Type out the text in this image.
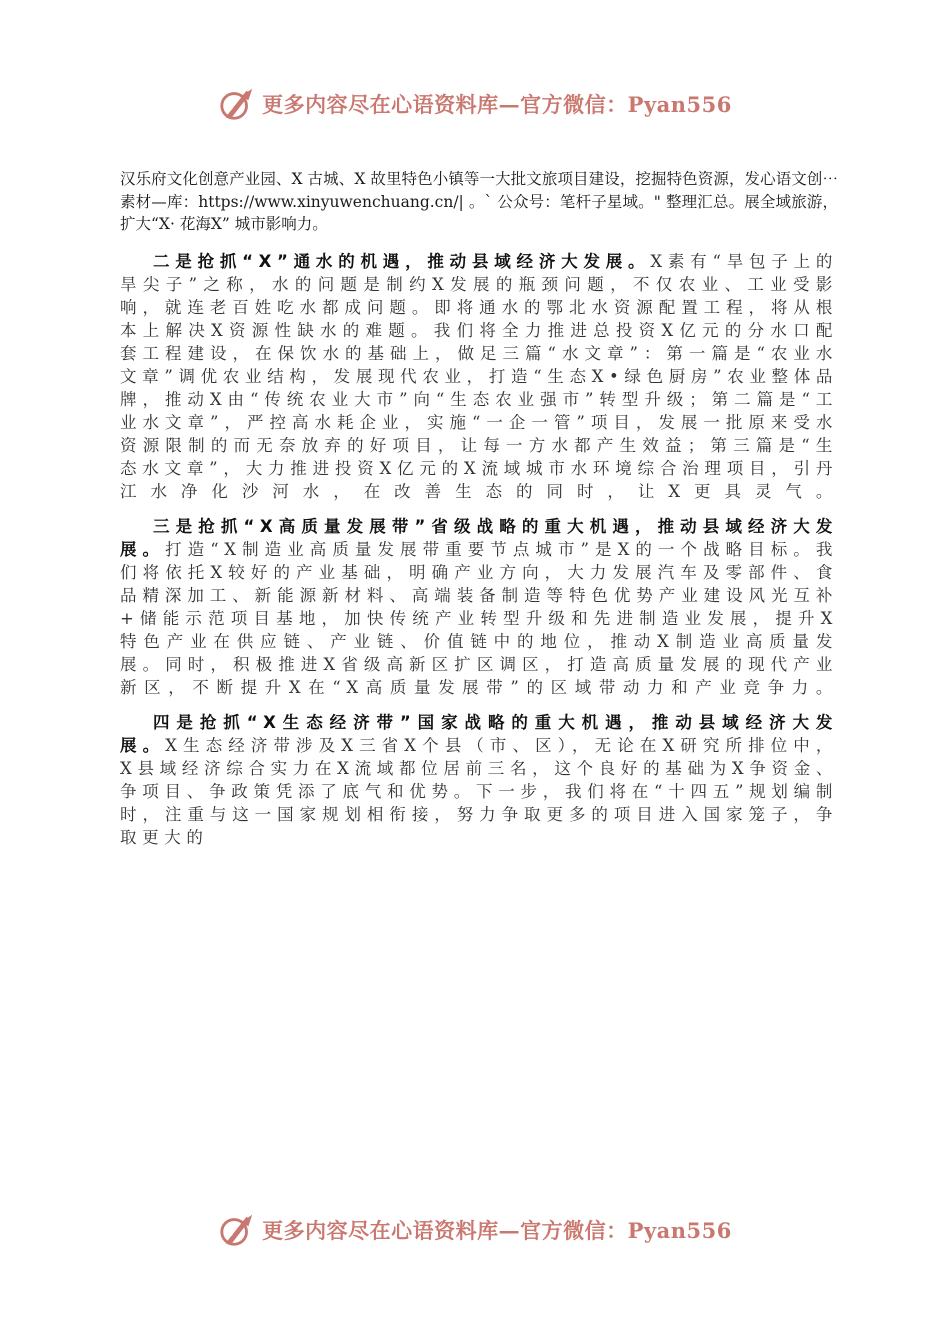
更多内容尽在心语资料库—官方微信：Pyan556

汉乐府文化创意产业园、X 古城、X 故里特色小镇等一大批文旅项目建设，挖掘特色资源，发心语文创⋯素材—库：https://www.xinyuwenchuang.cn/| 。` 公众号：笔杆子星域。" 整理汇总。展全域旅游，扩大“X· 花海X” 城市影响力。

二是抢抓“X”通水的机遇，推动县域经济大发展。X素有“旱包子上的旱尖子”之称，水的问题是制约X发展的瓶颈问题，不仅农业、工业受影响，就连老百姓吃水都成问题。即将通水的鄂北水资源配置工程，将从根本上解决X资源性缺水的难题。我们将全力推进总投资X亿元的分水口配套工程建设，在保饮水的基础上，做足三篇“水文章”：第一篇是“农业水文章”调优农业结构，发展现代农业，打造“生态X•绿色厨房”农业整体品牌，推动X由“传统农业大市”向“生态农业强市”转型升级；第二篇是“工业水文章”，严控高水耗企业，实施“一企一管”项目，发展一批原来受水资源限制的而无奈放弃的好项目，让每一方水都产生效益；第三篇是“生态水文章”，大力推进投资X亿元的X流域城市水环境综合治理项目，引丹江水净化沙河水，在改善生态的同时，让X更具灵气。

三是抢抓“X高质量发展带”省级战略的重大机遇，推动县域经济大发展。打造“X制造业高质量发展带重要节点城市”是X的一个战略目标。我们将依托X较好的产业基础，明确产业方向，大力发展汽车及零部件、食品精深加工、新能源新材料、高端装备制造等特色优势产业建设风光互补+储能示范项目基地，加快传统产业转型升级和先进制造业发展，提升X特色产业在供应链、产业链、价值链中的地位，推动X制造业高质量发展。同时，积极推进X省级高新区扩区调区，打造高质量发展的现代产业新区，不断提升X在“X高质量发展带”的区域带动力和产业竞争力。

四是抢抓“X生态经济带”国家战略的重大机遇，推动县域经济大发展。X生态经济带涉及X三省X个县（市、区），无论在X研究所排位中，X县域经济综合实力在X流域都位居前三名，这个良好的基础为X争资金、争项目、争政策凭添了底气和优势。下一步，我们将在“十四五”规划编制时，注重与这一国家规划相衔接，努力争取更多的项目进入国家笼子，争取更大的

更多内容尽在心语资料库—官方微信：Pyan556
